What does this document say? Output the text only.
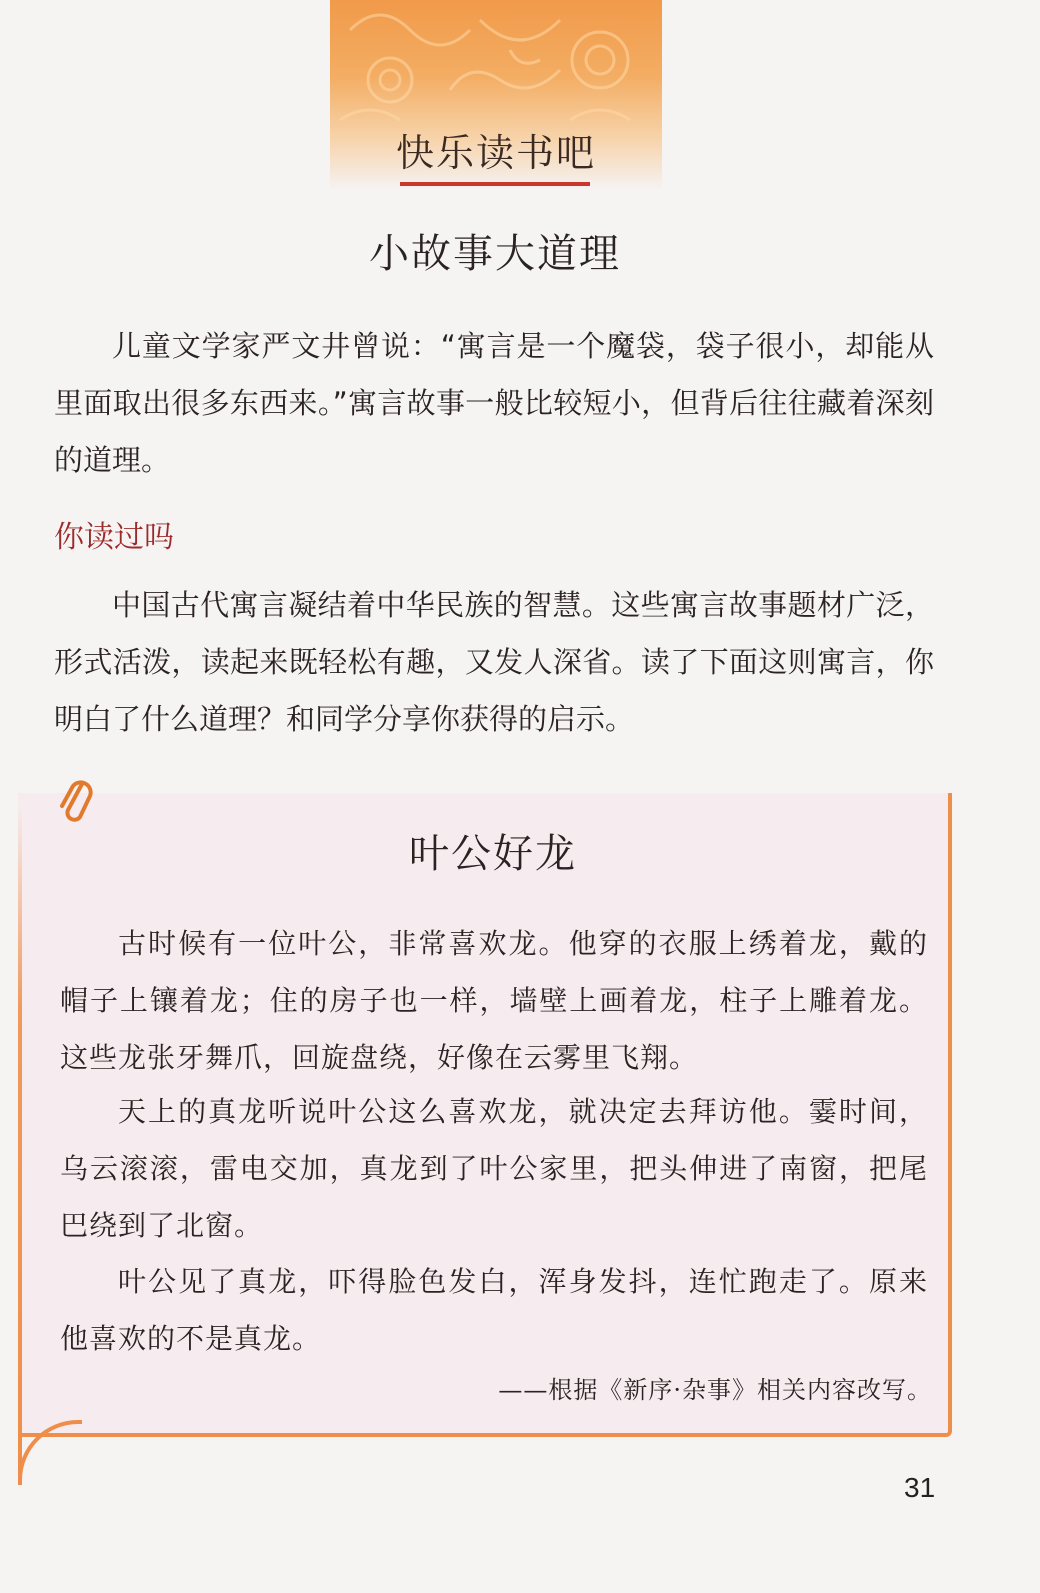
快乐读书吧
小故事大道理
儿童文学家严文井曾说：“寓言是一个魔袋，袋子很小，却能从里面取出很多东西来。”寓言故事一般比较短小，但背后往往藏着深刻的道理。
你读过吗
中国古代寓言凝结着中华民族的智慧。这些寓言故事题材广泛，形式活泼，读起来既轻松有趣，又发人深省。读了下面这则寓言，你明白了什么道理？和同学分享你获得的启示。
叶公好龙
古时候有一位叶公，非常喜欢龙。他穿的衣服上绣着龙，戴的帽子上镶着龙；住的房子也一样，墙壁上画着龙，柱子上雕着龙。这些龙张牙舞爪，回旋盘绕，好像在云雾里飞翔。
天上的真龙听说叶公这么喜欢龙，就决定去拜访他。霎时间，乌云滚滚，雷电交加，真龙到了叶公家里，把头伸进了南窗，把尾巴绕到了北窗。
叶公见了真龙，吓得脸色发白，浑身发抖，连忙跑走了。原来他喜欢的不是真龙。
——根据《新序·杂事》相关内容改写。
31
